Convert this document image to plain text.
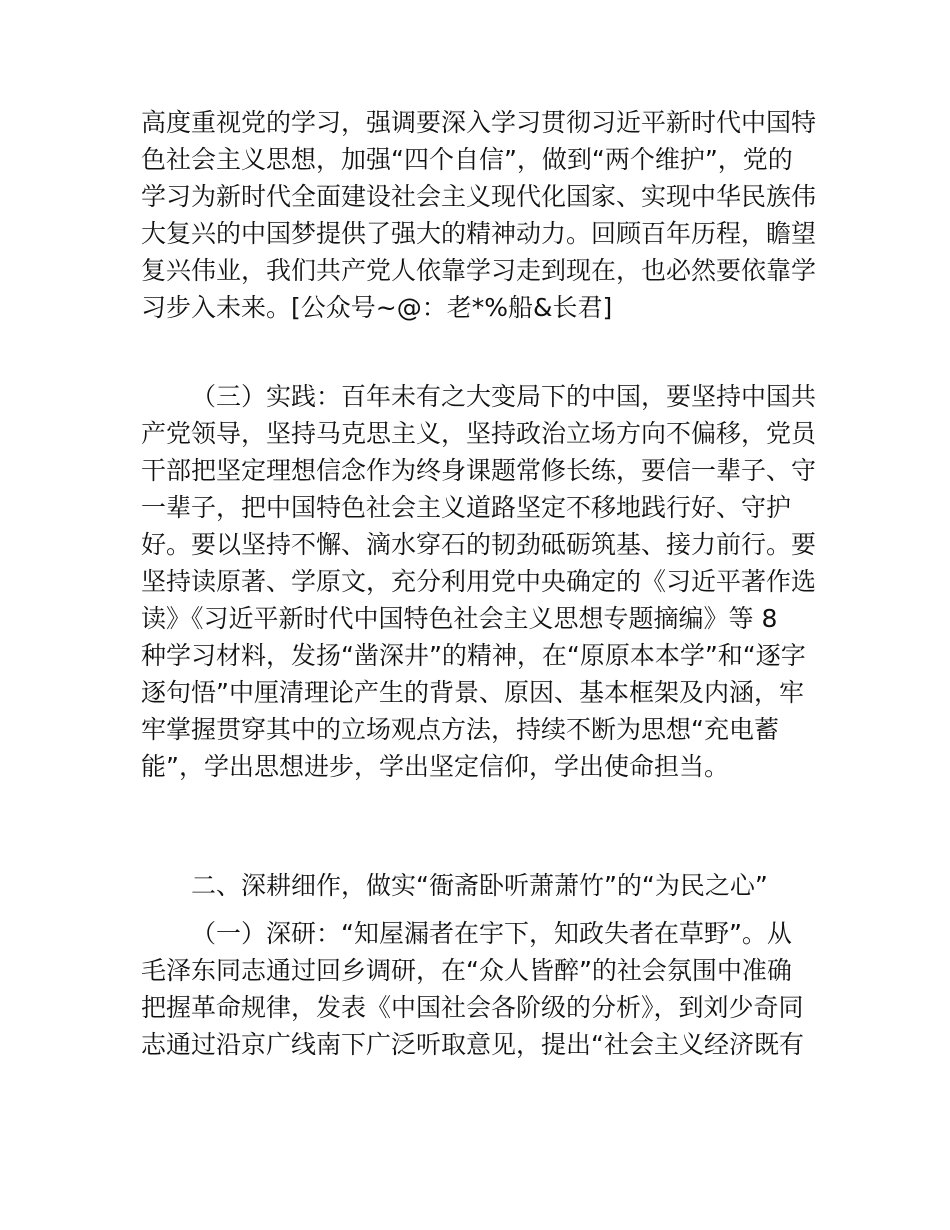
高度重视党的学习，强调要深入学习贯彻习近平新时代中国特
色社会主义思想，加强“四个自信”，做到“两个维护”，党的
学习为新时代全面建设社会主义现代化国家、实现中华民族伟
大复兴的中国梦提供了强大的精神动力。回顾百年历程，瞻望
复兴伟业，我们共产党人依靠学习走到现在，也必然要依靠学
习步入未来。[公众号~@：老*%船&长君]
（三）实践：百年未有之大变局下的中国，要坚持中国共
产党领导，坚持马克思主义，坚持政治立场方向不偏移，党员
干部把坚定理想信念作为终身课题常修长练，要信一辈子、守
一辈子，把中国特色社会主义道路坚定不移地践行好、守护
好。要以坚持不懈、滴水穿石的韧劲砥砺筑基、接力前行。要
坚持读原著、学原文，充分利用党中央确定的《习近平著作选
读》《习近平新时代中国特色社会主义思想专题摘编》等 8
种学习材料，发扬“凿深井”的精神，在“原原本本学”和“逐字
逐句悟”中厘清理论产生的背景、原因、基本框架及内涵，牢
牢掌握贯穿其中的立场观点方法，持续不断为思想“充电蓄
能”，学出思想进步，学出坚定信仰，学出使命担当。
二、深耕细作，做实“衙斋卧听萧萧竹”的“为民之心”
（一）深研：“知屋漏者在宇下，知政失者在草野”。从
毛泽东同志通过回乡调研，在“众人皆醉”的社会氛围中准确
把握革命规律，发表《中国社会各阶级的分析》，到刘少奇同
志通过沿京广线南下广泛听取意见，提出“社会主义经济既有
